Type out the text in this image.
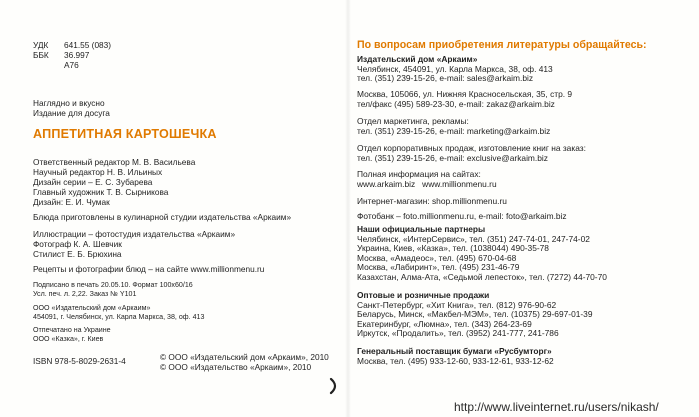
УДК 641.55 (083)
ББК 36.997
А76
Наглядно и вкусно
Издание для досуга
АППЕТИТНАЯ КАРТОШЕЧКА
Ответственный редактор М. В. Васильева
Научный редактор Н. В. Ильиных
Дизайн серии – Е. С. Зубарева
Главный художник Т. В. Сырникова
Дизайн: Е. И. Чумак
Блюда приготовлены в кулинарной студии издательства «Аркаим»
Иллюстрации – фотостудия издательства «Аркаим»
Фотограф К. А. Шевчик
Стилист Е. Б. Брюхина
Рецепты и фотографии блюд – на сайте www.millionmenu.ru
Подписано в печать 20.05.10. Формат 100х60/16
Усл. печ. л. 2,22. Заказ № Y101
ООО «Издательский дом «Аркаим»
454091, г. Челябинск, ул. Карла Маркса, 38, оф. 413
Отпечатано на Украине
ООО «Казка», г. Киев
ISBN 978-5-8029-2631-4	© ООО «Издательский дом «Аркаим», 2010
© ООО «Издательство «Аркаим», 2010
По вопросам приобретения литературы обращайтесь:
Издательский дом «Аркаим»
Челябинск, 454091, ул. Карла Маркса, 38, оф. 413
тел. (351) 239-15-26, e-mail: sales@arkaim.biz
Москва, 105066, ул. Нижняя Красносельская, 35, стр. 9
тел/факс (495) 589-23-30, e-mail: zakaz@arkaim.biz
Отдел маркетинга, рекламы:
тел. (351) 239-15-26, e-mail: marketing@arkaim.biz
Отдел корпоративных продаж, изготовление книг на заказ:
тел. (351) 239-15-26, e-mail: exclusive@arkaim.biz
Полная информация на сайтах:
www.arkaim.biz   www.millionmenu.ru
Интернет-магазин: shop.millionmenu.ru
Фотобанк – foto.millionmenu.ru, e-mail: foto@arkaim.biz
Наши официальные партнеры
Челябинск, «ИнтерСервис», тел. (351) 247-74-01, 247-74-02
Украина, Киев, «Казка», тел. (1038044) 490-35-78
Москва, «Амадеос», тел. (495) 670-04-68
Москва, «Лабиринт», тел. (495) 231-46-79
Казахстан, Алма-Ата, «Седьмой лепесток», тел. (7272) 44-70-70
Оптовые и розничные продажи
Санкт-Петербург, «Хит Книга», тел. (812) 976-90-62
Беларусь, Минск, «Макбел-МЭМ», тел. (10375) 29-697-01-39
Екатеринбург, «Люмна», тел. (343) 264-23-69
Иркутск, «Продалить», тел. (3952) 241-777, 241-786
Генеральный поставщик бумаги «Русбумторг»
Москва, тел. (495) 933-12-60, 933-12-61, 933-12-62
http://www.liveinternet.ru/users/nikash/
